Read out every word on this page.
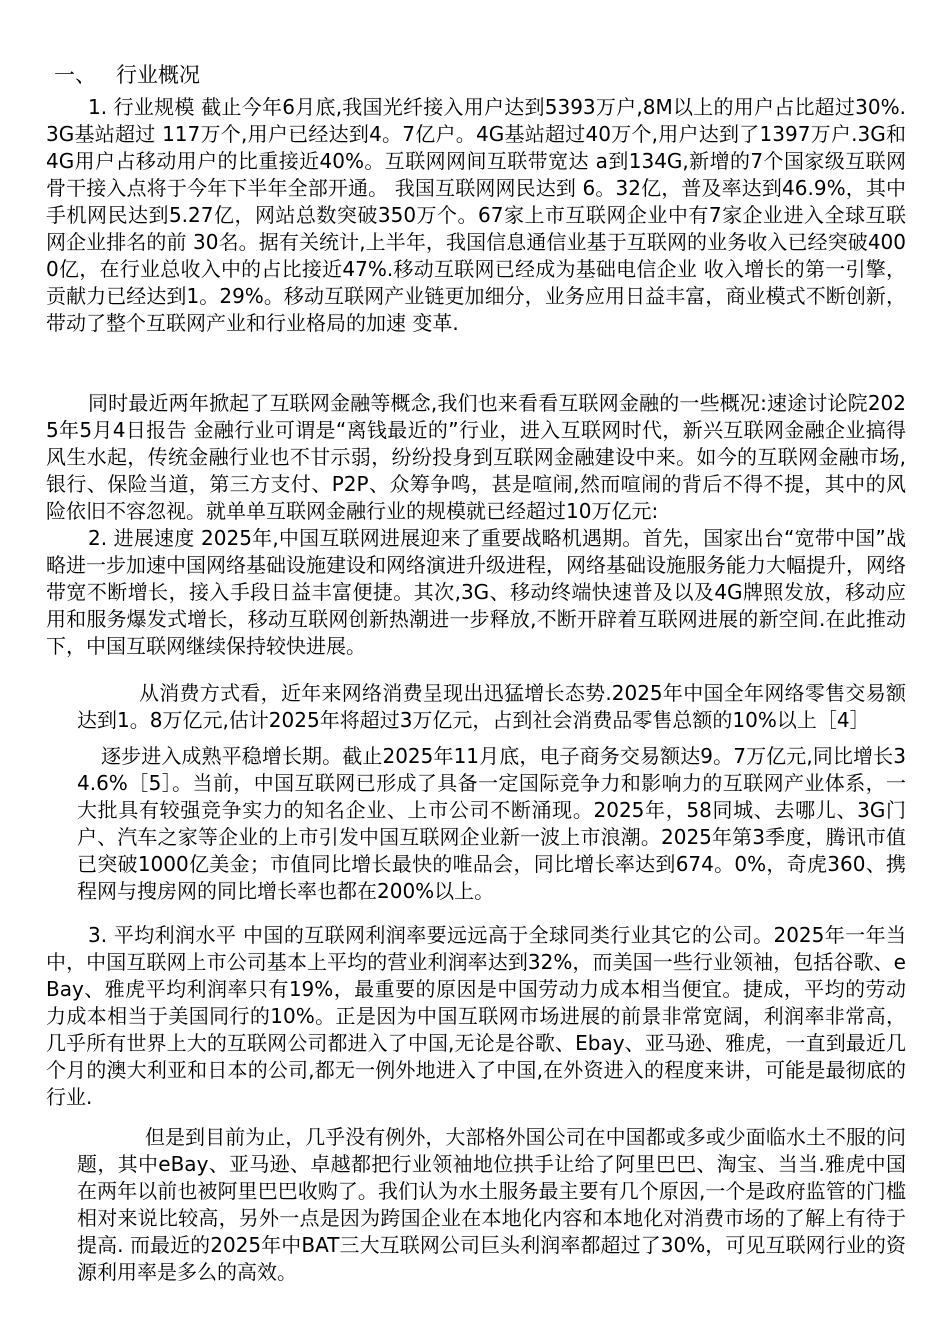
一、   行业概况

1. 行业规模 截止今年6月底,我国光纤接入用户达到5393万户,8M以上的用户占比超过30%.3G基站超过 117万个,用户已经达到4。7亿户。4G基站超过40万个,用户达到了1397万户.3G和4G用户占移动用户的比重接近40%。互联网网间互联带宽达 a到134G,新增的7个国家级互联网骨干接入点将于今年下半年全部开通。 我国互联网网民达到 6。32亿，普及率达到46.9%，其中手机网民达到5.27亿，网站总数突破350万个。67家上市互联网企业中有7家企业进入全球互联网企业排名的前 30名。据有关统计,上半年，我国信息通信业基于互联网的业务收入已经突破4000亿，在行业总收入中的占比接近47%.移动互联网已经成为基础电信企业 收入增长的第一引擎，贡献力已经达到1。29%。移动互联网产业链更加细分，业务应用日益丰富，商业模式不断创新，带动了整个互联网产业和行业格局的加速 变革.

同时最近两年掀起了互联网金融等概念,我们也来看看互联网金融的一些概况:速途讨论院2025年5月4日报告 金融行业可谓是“离钱最近的”行业，进入互联网时代，新兴互联网金融企业搞得风生水起，传统金融行业也不甘示弱，纷纷投身到互联网金融建设中来。如今的互联网金融市场,银行、保险当道，第三方支付、P2P、众筹争鸣，甚是喧闹,然而喧闹的背后不得不提，其中的风险依旧不容忽视。就单单互联网金融行业的规模就已经超过10万亿元:

2. 进展速度 2025年,中国互联网进展迎来了重要战略机遇期。首先，国家出台“宽带中国”战略进一步加速中国网络基础设施建设和网络演进升级进程，网络基础设施服务能力大幅提升，网络带宽不断增长，接入手段日益丰富便捷。其次,3G、移动终端快速普及以及4G牌照发放，移动应用和服务爆发式增长，移动互联网创新热潮进一步释放,不断开辟着互联网进展的新空间.在此推动下，中国互联网继续保持较快进展。

从消费方式看，近年来网络消费呈现出迅猛增长态势.2025年中国全年网络零售交易额达到1。8万亿元,估计2025年将超过3万亿元，占到社会消费品零售总额的10%以上［4］

逐步进入成熟平稳增长期。截止2025年11月底，电子商务交易额达9。7万亿元,同比增长34.6%［5］。当前，中国互联网已形成了具备一定国际竞争力和影响力的互联网产业体系，一大批具有较强竞争实力的知名企业、上市公司不断涌现。2025年，58同城、去哪儿、3G门户、汽车之家等企业的上市引发中国互联网企业新一波上市浪潮。2025年第3季度，腾讯市值已突破1000亿美金；市值同比增长最快的唯品会，同比增长率达到674。0%，奇虎360、携程网与搜房网的同比增长率也都在200%以上。

3. 平均利润水平 中国的互联网利润率要远远高于全球同类行业其它的公司。2025年一年当中，中国互联网上市公司基本上平均的营业利润率达到32%，而美国一些行业领袖，包括谷歌、eBay、雅虎平均利润率只有19%，最重要的原因是中国劳动力成本相当便宜。捷成，平均的劳动力成本相当于美国同行的10%。正是因为中国互联网市场进展的前景非常宽阔，利润率非常高，几乎所有世界上大的互联网公司都进入了中国,无论是谷歌、Ebay、亚马逊、雅虎，一直到最近几个月的澳大利亚和日本的公司,都无一例外地进入了中国,在外资进入的程度来讲，可能是最彻底的行业.

但是到目前为止，几乎没有例外，大部格外国公司在中国都或多或少面临水土不服的问题，其中eBay、亚马逊、卓越都把行业领袖地位拱手让给了阿里巴巴、淘宝、当当.雅虎中国在两年以前也被阿里巴巴收购了。我们认为水土服务最主要有几个原因,一个是政府监管的门槛相对来说比较高，另外一点是因为跨国企业在本地化内容和本地化对消费市场的了解上有待于提高. 而最近的2025年中BAT三大互联网公司巨头利润率都超过了30%，可见互联网行业的资源利用率是多么的高效。
